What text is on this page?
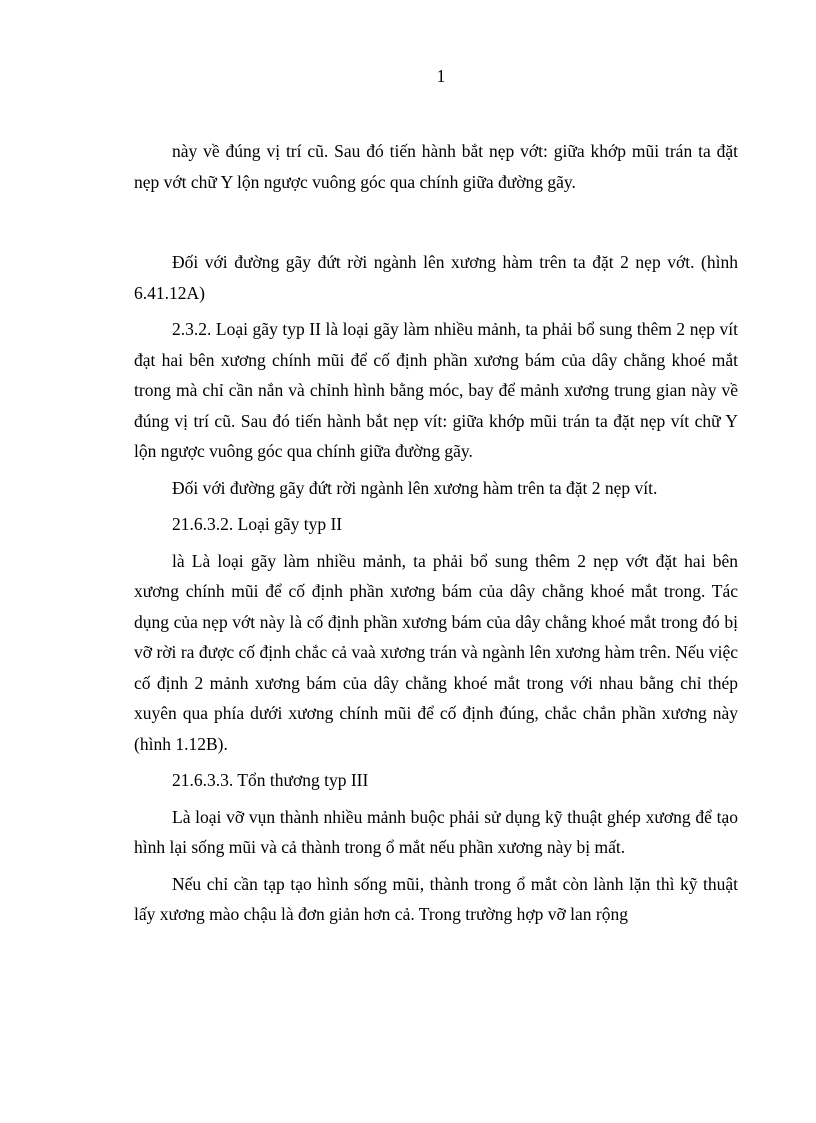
1

này về đúng vị trí cũ. Sau đó tiến hành bắt nẹp vớt: giữa khớp mũi trán ta đặt nẹp vớt chữ Y lộn ngược vuông góc qua chính giữa đường gãy.

Đối với đường gãy đứt rời ngành lên xương hàm trên ta đặt 2 nẹp vớt. (hình 6.41.12A)

2.3.2. Loại gãy typ II là loại gãy làm nhiều mảnh, ta phải bổ sung thêm 2 nẹp vít đạt hai bên xương chính mũi để cố định phần xương bám của dây chằng khoé mắt trong mà chỉ cần nắn và chỉnh hình bằng móc, bay để mảnh xương trung gian này về đúng vị trí cũ. Sau đó tiến hành bắt nẹp vít: giữa khớp mũi trán ta đặt nẹp vít chữ Y lộn ngược vuông góc qua chính giữa đường gãy.

Đối với đường gãy đứt rời ngành lên xương hàm trên ta đặt 2 nẹp vít.

21.6.3.2. Loại gãy typ II

là Là loại gãy làm nhiều mảnh, ta phải bổ sung thêm 2 nẹp vớt đặt hai bên xương chính mũi để cố định phần xương bám của dây chằng khoé mắt trong. Tác dụng của nẹp vớt này là cố định phần xương bám của dây chằng khoé mắt trong đó bị vỡ rời ra được cố định chắc cả vaà xương trán và ngành lên xương hàm trên. Nếu việc cố định 2 mảnh xương bám của dây chằng khoé mắt trong với nhau bằng chỉ thép xuyên qua phía dưới xương chính mũi để cố định đúng, chắc chắn phần xương này (hình 1.12B).

21.6.3.3. Tổn thương typ III

Là loại vỡ vụn thành nhiều mảnh buộc phải sử dụng kỹ thuật ghép xương để tạo hình lại sống mũi và cả thành trong ổ mắt nếu phần xương này bị mất.

Nếu chỉ cần tạp tạo hình sống mũi, thành trong ổ mắt còn lành lặn thì kỹ thuật lấy xương mào chậu là đơn giản hơn cả. Trong trường hợp vỡ lan rộng
